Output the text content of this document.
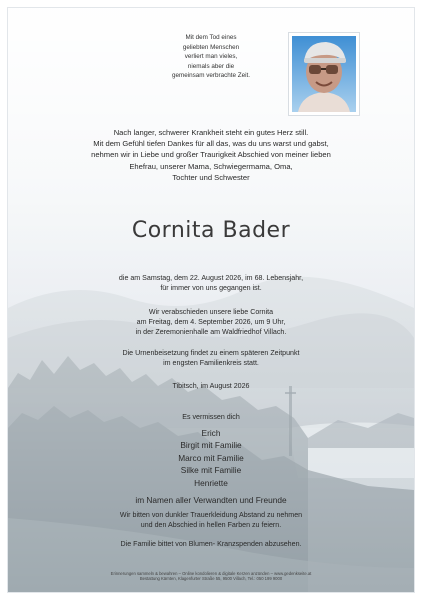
Mit dem Tod eines
geliebten Menschen
verliert man vieles,
niemals aber die
gemeinsam verbrachte Zeit.
Nach langer, schwerer Krankheit steht ein gutes Herz still.
Mit dem Gefühl tiefen Dankes für all das, was du uns warst und gabst,
nehmen wir in Liebe und großer Traurigkeit Abschied von meiner lieben
Ehefrau, unserer Mama, Schwiegermama, Oma,
Tochter und Schwester
Cornita Bader
die am Samstag, dem 22. August 2026, im 68. Lebensjahr,
für immer von uns gegangen ist.
Wir verabschieden unsere liebe Cornita
am Freitag, dem 4. September 2026, um 9 Uhr,
in der Zeremonienhalle am Waldfriedhof Villach.
Die Urnenbeisetzung findet zu einem späteren Zeitpunkt
im engsten Familienkreis statt.
Tibitsch, im August 2026
Es vermissen dich
Erich
Birgit mit Familie
Marco mit Familie
Silke mit Familie
Henriette
im Namen aller Verwandten und Freunde
Wir bitten von dunkler Trauerkleidung Abstand zu nehmen
und den Abschied in hellen Farben zu feiern.
Die Familie bittet von Blumen- Kranzspenden abzusehen.
Erinnerungen sammeln & bewahren – Online kondolieren & digitale Kerzen anzünden – www.gedenkseite.at
Bestattung Kärnten, Klagenfurter Straße 55, 9500 Villach, Tel.: 050 199 9000
